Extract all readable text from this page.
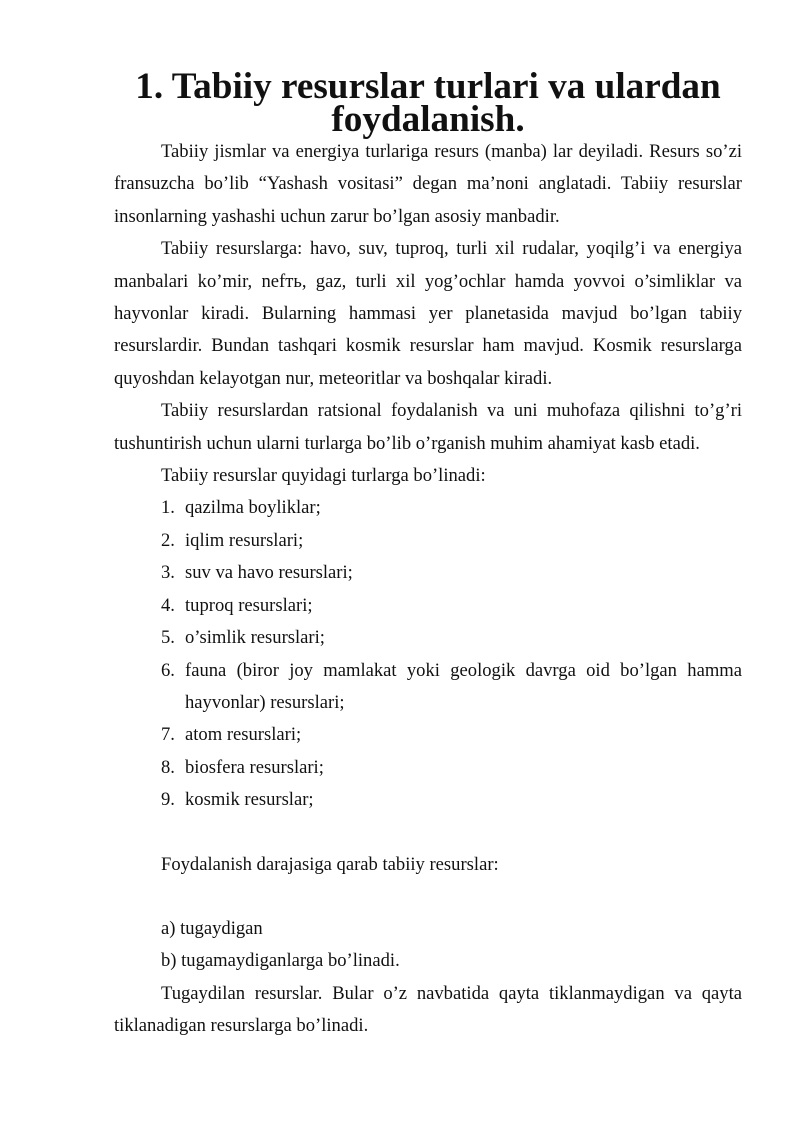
1. Tabiiy resurslar turlari va ulardan foydalanish.

Tabiiy jismlar va energiya turlariga resurs (manba) lar deyiladi. Resurs so’zi fransuzcha bo’lib “Yashash vositasi” degan ma’noni anglatadi. Tabiiy resurslar insonlarning yashashi uchun zarur bo’lgan asosiy manbadir.

Tabiiy resurslarga: havo, suv, tuproq, turli xil rudalar, yoqilg’i va energiya manbalari ko’mir, nefть, gaz, turli xil yog’ochlar hamda yovvoi o’simliklar va hayvonlar kiradi. Bularning hammasi yer planetasida mavjud bo’lgan tabiiy resurslardir. Bundan tashqari kosmik resurslar ham mavjud. Kosmik resurslarga quyoshdan kelayotgan nur, meteoritlar va boshqalar kiradi.

Tabiiy resurslardan ratsional foydalanish va uni muhofaza qilishni to’g’ri tushuntirish uchun ularni turlarga bo’lib o’rganish muhim ahamiyat kasb etadi.

Tabiiy resurslar quyidagi turlarga bo’linadi:

1. qazilma boyliklar;
2. iqlim resurslari;
3. suv va havo resurslari;
4. tuproq resurslari;
5. o’simlik resurslari;
6. fauna (biror joy mamlakat yoki geologik davrga oid bo’lgan hamma hayvonlar) resurslari;
7. atom resurslari;
8. biosfera resurslari;
9. kosmik resurslar;

Foydalanish darajasiga qarab tabiiy resurslar:

a) tugaydigan

b) tugamaydiganlarga bo’linadi.

Tugaydilan resurslar. Bular o’z navbatida qayta tiklanmaydigan va qayta tiklanadigan resurslarga bo’linadi.
